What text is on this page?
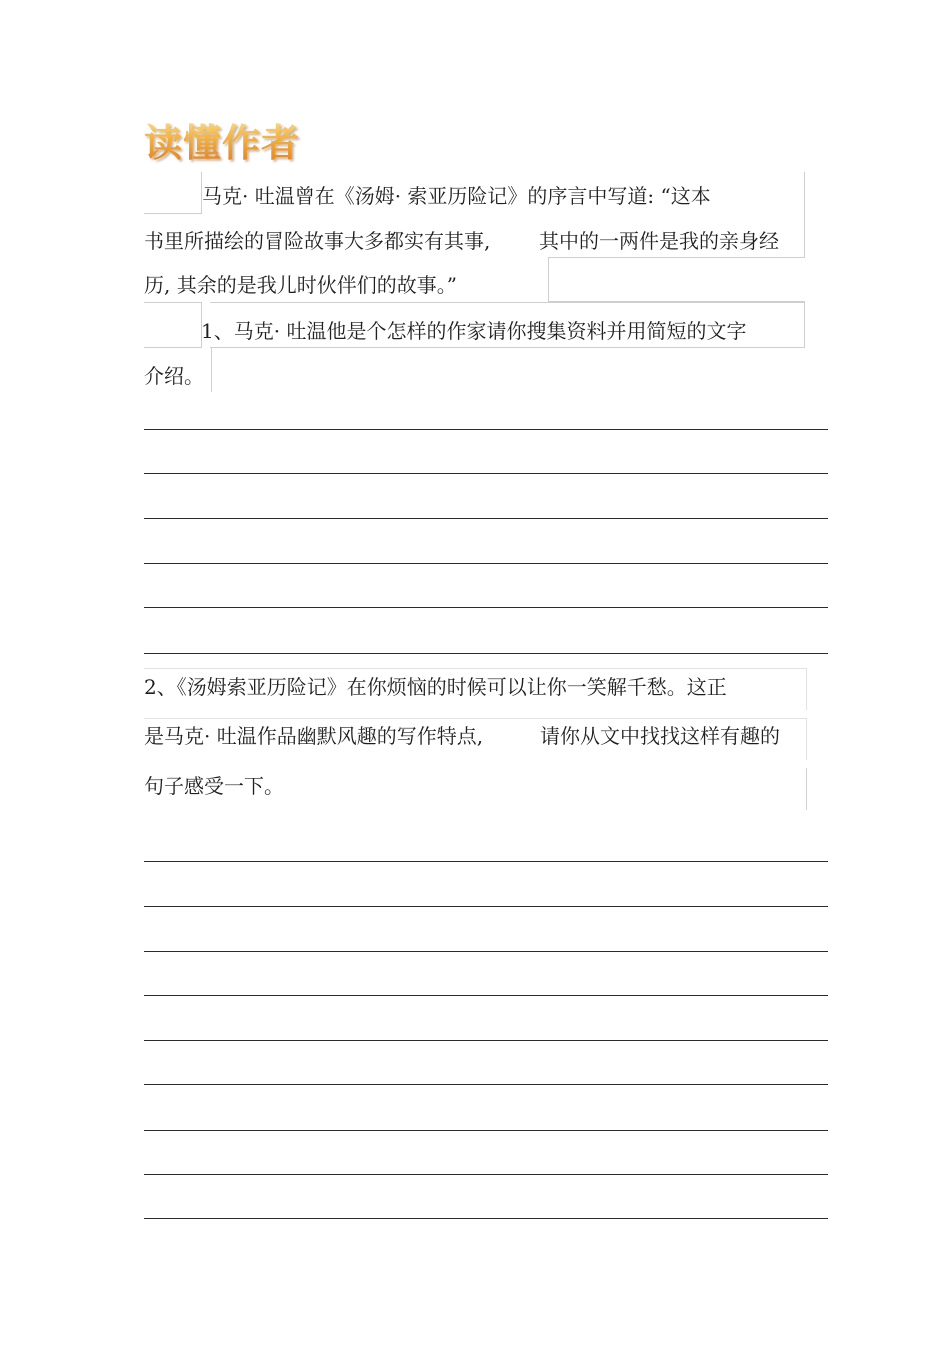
读懂作者
马克· 吐温曾在《汤姆· 索亚历险记》的序言中写道: “这本
书里所描绘的冒险故事大多都实有其事, 其中的一两件是我的亲身经
历, 其余的是我儿时伙伴们的故事。”
1、马克· 吐温他是个怎样的作家请你搜集资料并用简短的文字
介绍。
2、《汤姆索亚历险记》在你烦恼的时候可以让你一笑解千愁。这正
是马克· 吐温作品幽默风趣的写作特点,	请你从文中找找这样有趣的
句子感受一下。
